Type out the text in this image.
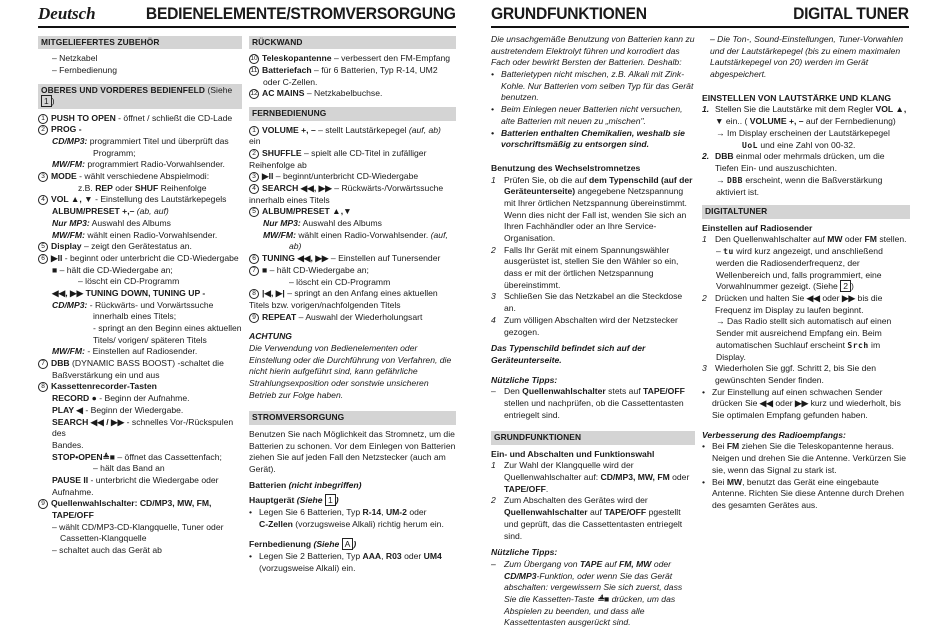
Deutsch	BEDIENELEMENTE/STROMVERSORGUNG GRUNDFUNKTIONEN	DIGITAL TUNER
MITGELIEFERTES ZUBEHÖR
– Netzkabel
– Fernbedienung
OBERES UND VORDERES BEDIENFELD (Siehe 1 )
1 PUSH TO OPEN - öffnet / schließt die CD-Lade
2 PROG -
CD/MP3: programmiert Titel und überprüft das
Programm;
MW/FM: programmiert Radio-Vorwahlsender.
3 MODE - wählt verschiedene Abspielmodi:
z.B. REP oder SHUF Reihenfolge
4 VOL ▲, ▼ - Einstellung des Lautstärkepegels
ALBUM/PRESET +,– (ab, auf)
Nur MP3: Auswahl des Albums
MW/FM: wählt einen Radio-Vorwahlsender.
5 Display – zeigt den Gerätestatus an.
6 ▶II - beginnt oder unterbricht die CD-Wiedergabe
■ – hält die CD-Wiedergabe an;
– löscht ein CD-Programm
◀◀, ▶▶ TUNING DOWN, TUNING UP -
CD/MP3: - Rückwärts- und Vorwärtssuche
innerhalb eines Titels;
- springt an den Beginn eines aktuellen
Titels/ vorigen/ späteren Titels
MW/FM: - Einstellen auf Radiosender.
7 DBB (DYNAMIC BASS BOOST) -schaltet die
Baßverstärkung ein und aus
8 Kassettenrecorder-Tasten
RECORD ● - Beginn der Aufnahme.
PLAY ◀ - Beginn der Wiedergabe.
SEARCH ◀◀ / ▶▶ - schnelles Vor-/Rückspulen des
Bandes.
STOP•OPEN≜■ – öffnet das Cassettenfach;
– hält das Band an
PAUSE II - unterbricht die Wiedergabe oder
Aufnahme.
9 Quellenwahlschalter: CD/MP3, MW, FM,
TAPE/OFF
– wählt CD/MP3-CD-Klangquelle, Tuner oder
Cassetten-Klangquelle
– schaltet auch das Gerät ab
RÜCKWAND
10 Teleskopantenne – verbessert den FM-Empfang
11 Batteriefach – für 6 Batterien, Typ R-14, UM2
oder C-Zellen.
12 AC MAINS – Netzkabelbuchse.
FERNBEDIENUNG
1 VOLUME +, – – stellt Lautstärkepegel (auf, ab)
ein
2 SHUFFLE – spielt alle CD-Titel in zufälliger
Reihenfolge ab
3 ▶II – beginnt/unterbricht CD-Wiedergabe
4 SEARCH ◀◀, ▶▶ – Rückwärts-/Vorwärtssuche
innerhalb eines Titels
5 ALBUM/PRESET ▲,▼
Nur MP3: Auswahl des Albums
MW/FM: wählt einen Radio-Vorwahlsender. (auf,
ab)
6 TUNING ◀◀, ▶▶ – Einstellen auf Tunersender
7 ■ – hält CD-Wiedergabe an;
– löscht ein CD-Programm
8 |◀, ▶| – springt an den Anfang eines aktuellen
Titels bzw. vorigen/nachfolgenden Titels
9 REPEAT – Auswahl der Wiederholungsart
ACHTUNG
Die Verwendung von Bedienelementen oder Einstellung oder die Durchführung von Verfahren, die nicht hierin aufgeführt sind, kann gefährliche Strahlungsexposition oder sonstwie unsicheren Betrieb zur Folge haben.
STROMVERSORGUNG
Benutzen Sie nach Möglichkeit das Stromnetz, um die Batterien zu schonen. Vor dem Einlegen von Batterien ziehen Sie auf jeden Fall den Netzstecker (auch am Gerät).
Batterien (nicht inbegriffen)
Hauptgerät (Siehe 1 )
• Legen Sie 6 Batterien, Typ R-14, UM-2 oder
C-Zellen (vorzugsweise Alkali) richtig herum ein.
Fernbedienung (Siehe A )
• Legen Sie 2 Batterien, Typ AAA, R03 oder UM4
(vorzugsweise Alkali) ein.
Die unsachgemäße Benutzung von Batterien kann zu austretendem Elektrolyt führen und korrodiert das Fach oder bewirkt Bersten der Batterien. Deshalb:
• Batterietypen nicht mischen, z.B. Alkali mit Zink-Kohle. Nur Batterien vom selben Typ für das Gerät benutzen.
• Beim Einlegen neuer Batterien nicht versuchen, alte Batterien mit neuen zu „mischen".
• Batterien enthalten Chemikalien, weshalb sie vorschriftsmäßig zu entsorgen sind.
Benutzung des Wechselstromnetzes
1 Prüfen Sie, ob die auf dem Typenschild (auf der Geräteunterseite) angegebene Netzspannung mit Ihrer örtlichen Netzspannung übereinstimmt. Wenn dies nicht der Fall ist, wenden Sie sich an Ihren Fachhändler oder an Ihre Service-Organisation.
2 Falls Ihr Gerät mit einem Spannungswähler ausgerüstet ist, stellen Sie den Wähler so ein, dass er mit der örtlichen Netzspannung übereinstimmt.
3 Schließen Sie das Netzkabel an die Steckdose an.
4 Zum völligen Abschalten wird der Netzstecker gezogen.
Das Typenschild befindet sich auf der Geräteunterseite.
Nützliche Tipps:
– Den Quellenwahlschalter stets auf TAPE/OFF stellen und nachprüfen, ob die Cassettentasten entriegelt sind.
GRUNDFUNKTIONEN
Ein- und Abschalten und Funktionswahl
1 Zur Wahl der Klangquelle wird der Quellenwahlschalter auf: CD/MP3, MW, FM oder TAPE/OFF.
2 Zum Abschalten des Gerätes wird der Quellenwahlschalter auf TAPE/OFF pgestellt und geprüft, das die Cassettentasten entriegelt sind.
Nützliche Tipps:
– Zum Übergang von TAPE auf FM, MW oder CD/MP3-Funktion, oder wenn Sie das Gerät abschalten: vergewissern Sie sich zuerst, dass Sie die Kassetten-Taste ≜■ drücken, um das Abspielen zu beenden, und dass alle Kassettentasten ausgerückt sind.
– Die Ton-, Sound-Einstellungen, Tuner-Vorwahlen und der Lautstärkepegel (bis zu einem maximalen Lautstärkepegel von 20) werden im Gerät abgespeichert.
EINSTELLEN VON LAUTSTÄRKE UND KLANG
1. Stellen Sie die Lautstärke mit dem Regler VOL ▲, ▼ ein.. ( VOLUME +, – auf der Fernbedienung)
→ Im Display erscheinen der Lautstärkepegel
UoL und eine Zahl von 00-32.
2. DBB einmal oder mehrmals drücken, um die Tiefen Ein- und auszuschichten.
→ DBB erscheint, wenn die Baßverstärkung aktiviert ist.
DIGITALTUNER
Einstellen auf Radiosender
1 Den Quellenwahlschalter auf MW oder FM stellen.
– tu wird kurz angezeigt, und anschließend werden die Radiosenderfrequenz, der Wellenbereich und, falls programmiert, eine Vorwahlnummer gezeigt. (Siehe 2 )
2 Drücken und halten Sie ◀◀ oder ▶▶ bis die Frequenz im Display zu laufen beginnt.
→ Das Radio stellt sich automatisch auf einen Sender mit ausreichend Empfang ein. Beim automatischen Suchlauf erscheint Srch im Display.
3 Wiederholen Sie ggf. Schritt 2, bis Sie den gewünschten Sender finden.
• Zur Einstellung auf einen schwachen Sender drücken Sie ◀◀ oder ▶▶ kurz und wiederholt, bis Sie optimalen Empfang gefunden haben.
Verbesserung des Radioempfangs:
• Bei FM ziehen Sie die Teleskopantenne heraus. Neigen und drehen Sie die Antenne. Verkürzen Sie sie, wenn das Signal zu stark ist.
• Bei MW, benutzt das Gerät eine eingebaute Antenne. Richten Sie diese Antenne durch Drehen des gesamten Gerätes aus.
